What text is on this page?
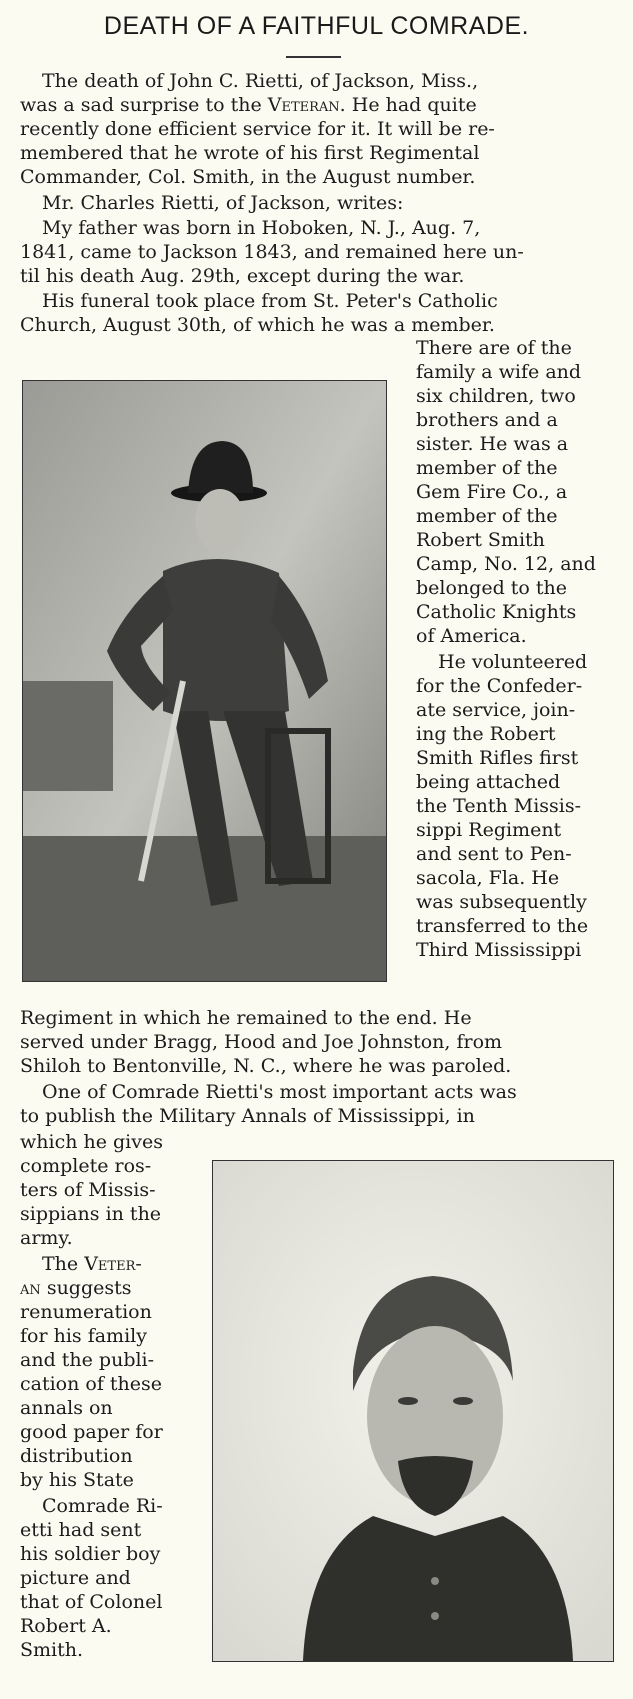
DEATH OF A FAITHFUL COMRADE.
The death of John C. Rietti, of Jackson, Miss.,
was a sad surprise to the Veteran. He had quite
recently done efficient service for it. It will be re-
membered that he wrote of his first Regimental
Commander, Col. Smith, in the August number.
Mr. Charles Rietti, of Jackson, writes:
My father was born in Hoboken, N. J., Aug. 7,
1841, came to Jackson 1843, and remained here un-
til his death Aug. 29th, except during the war.
His funeral took place from St. Peter's Catholic
Church, August 30th, of which he was a member.
There are of the
family a wife and
six children, two
brothers and a
sister. He was a
member of the
Gem Fire Co., a
member of the
Robert Smith
Camp, No. 12, and
belonged to the
Catholic Knights
of America.
He volunteered
for the Confeder-
ate service, join-
ing the Robert
Smith Rifles first
being attached
the Tenth Missis-
sippi Regiment
and sent to Pen-
sacola, Fla. He
was subsequently
transferred to the
Third Mississippi
Regiment in which he remained to the end. He
served under Bragg, Hood and Joe Johnston, from
Shiloh to Bentonville, N. C., where he was paroled.
One of Comrade Rietti's most important acts was
to publish the Military Annals of Mississippi, in
which he gives
complete ros-
ters of Missis-
sippians in the
army.
The Veter-
an suggests
renumeration
for his family
and the publi-
cation of these
annals on
good paper for
distribution
by his State
Comrade Ri-
etti had sent
his soldier boy
picture and
that of Colonel
Robert A.
Smith.
